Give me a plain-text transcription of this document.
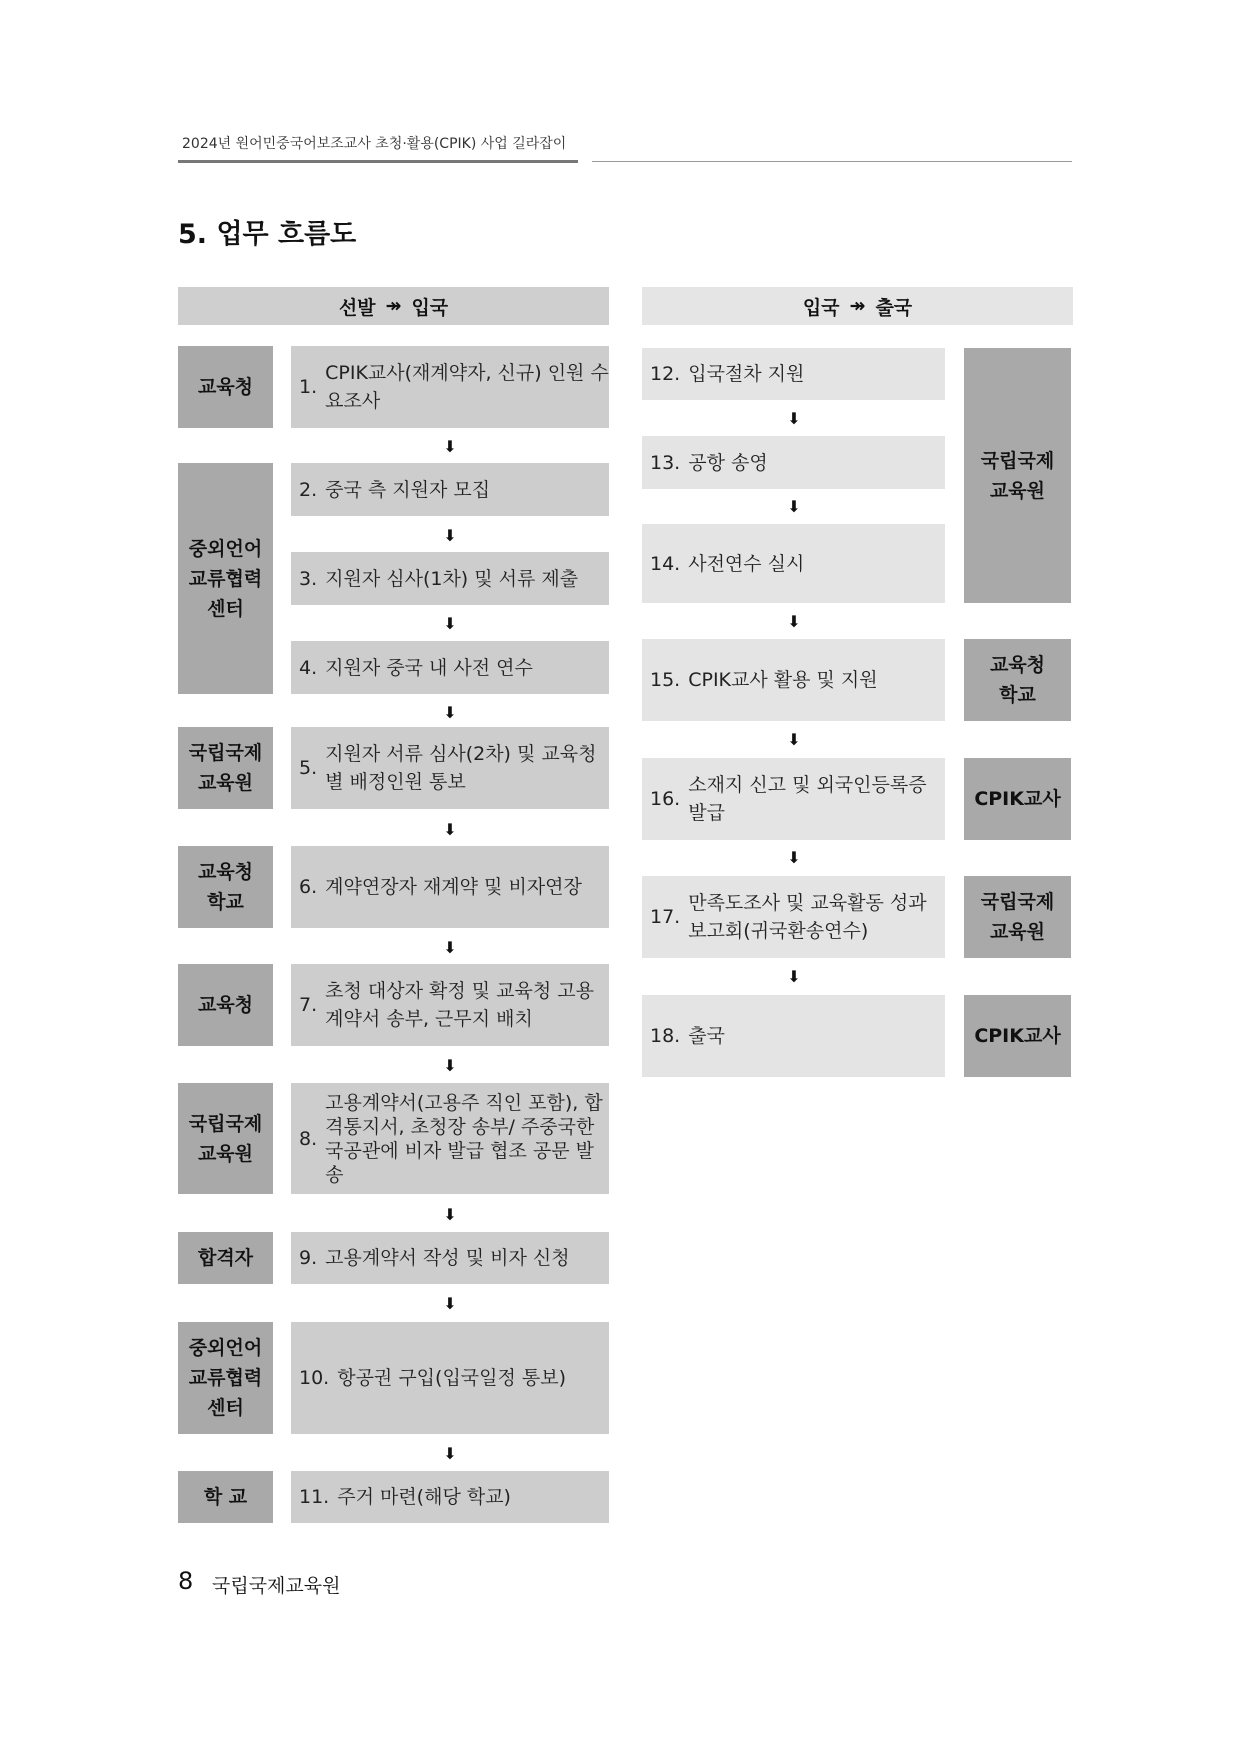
2024년 원어민중국어보조교사 초청·활용(CPIK) 사업 길라잡이
5. 업무 흐름도
선발 ↠ 입국	입국 ↠ 출국
교육청
중외언어
교류협력
센터
국립국제
교육원
교육청
학교
교육청
국립국제
교육원
합격자
중외언어
교류협력
센터
학 교
1.
CPIK교사(재계약자, 신규) 인원 수요조사
⬇
2. 중국 측 지원자 모집
⬇
3. 지원자 심사(1차) 및 서류 제출
⬇
4. 지원자 중국 내 사전 연수
⬇
5.
지원자 서류 심사(2차) 및 교육청별 배정인원 통보
⬇
6. 계약연장자 재계약 및 비자연장
⬇
7.
초청 대상자 확정 및 교육청 고용 계약서 송부, 근무지 배치
⬇
8.
고용계약서(고용주 직인 포함), 합격통지서, 초청장 송부/ 주중국한국공관에 비자 발급 협조 공문 발송
⬇
9. 고용계약서 작성 및 비자 신청
⬇
10. 항공권 구입(입국일정 통보)
⬇
11. 주거 마련(해당 학교)
국립국제
교육원
교육청
학교
CPIK교사
국립국제
교육원
CPIK교사
12. 입국절차 지원
⬇
13. 공항 송영
⬇
14. 사전연수 실시
⬇
15. CPIK교사 활용 및 지원
⬇
16.
소재지 신고 및 외국인등록증 발급
⬇
17.
만족도조사 및 교육활동 성과 보고회(귀국환송연수)
⬇
18. 출국
8 국립국제교육원
